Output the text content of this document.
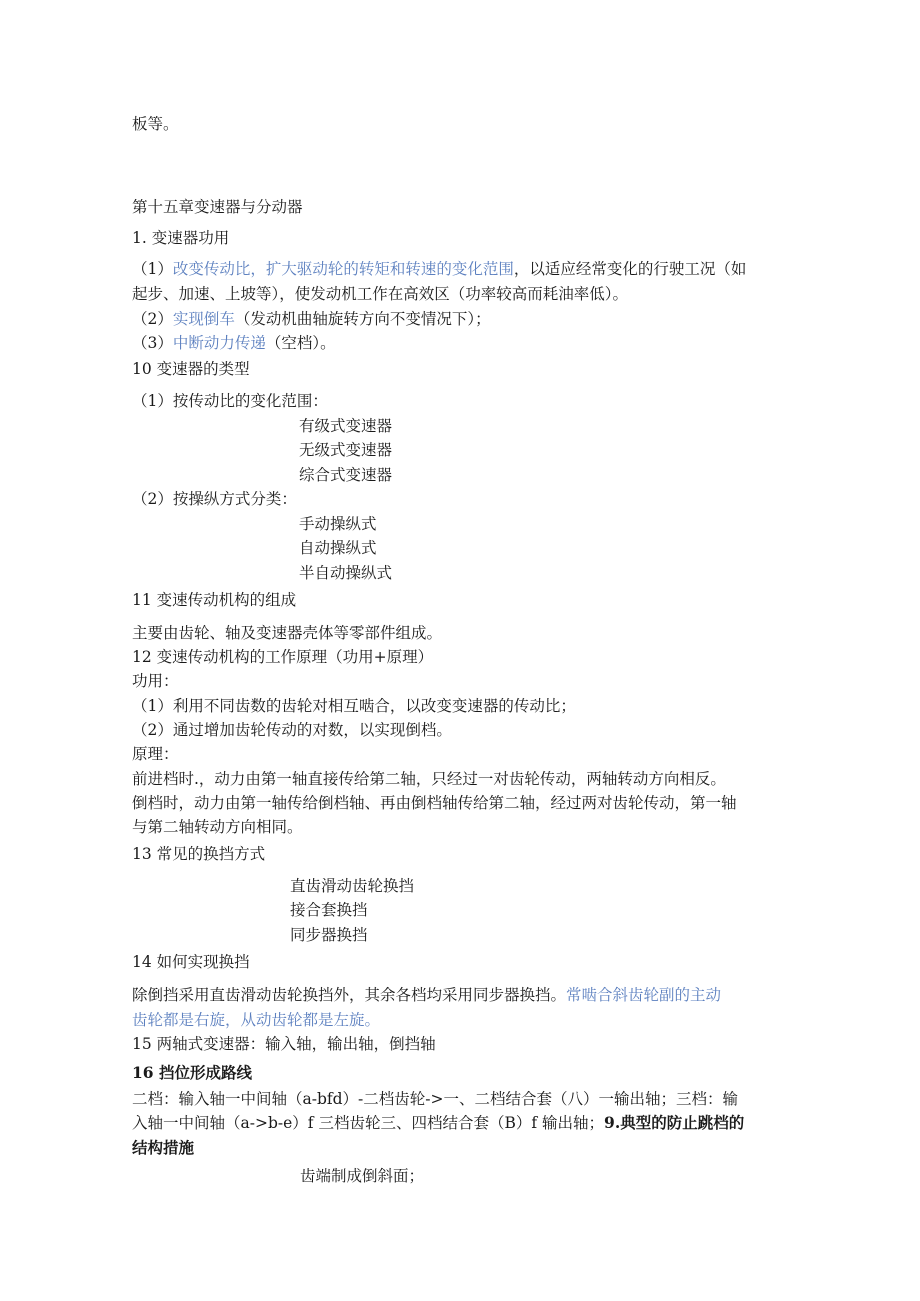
板等。

第十五章变速器与分动器

1. 变速器功用

（1）改变传动比，扩大驱动轮的转矩和转速的变化范围，以适应经常变化的行驶工况（如

起步、加速、上坡等），使发动机工作在高效区（功率较高而耗油率低）。

（2）实现倒车（发动机曲轴旋转方向不变情况下）；

（3）中断动力传递（空档）。

10 变速器的类型

（1）按传动比的变化范围：

有级式变速器

无级式变速器

综合式变速器

（2）按操纵方式分类：

手动操纵式

自动操纵式

半自动操纵式

11 变速传动机构的组成

主要由齿轮、轴及变速器壳体等零部件组成。

12 变速传动机构的工作原理（功用+原理）

功用：

（1）利用不同齿数的齿轮对相互啮合，以改变变速器的传动比；

（2）通过增加齿轮传动的对数，以实现倒档。

原理：

前进档时.，动力由第一轴直接传给第二轴，只经过一对齿轮传动，两轴转动方向相反。

倒档时，动力由第一轴传给倒档轴、再由倒档轴传给第二轴，经过两对齿轮传动，第一轴

与第二轴转动方向相同。

13 常见的换挡方式

直齿滑动齿轮换挡

接合套换挡

同步器换挡

14 如何实现换挡

除倒挡采用直齿滑动齿轮换挡外，其余各档均采用同步器换挡。常啮合斜齿轮副的主动

齿轮都是右旋，从动齿轮都是左旋。

15 两轴式变速器：输入轴，输出轴，倒挡轴

16 挡位形成路线

二档：输入轴一中间轴（a-bfd）-二档齿轮->一、二档结合套（八）一输出轴；三档：输

入轴一中间轴（a->b-e）f 三档齿轮三、四档结合套（B）f 输出轴；9.典型的防止跳档的

结构措施

齿端制成倒斜面；
